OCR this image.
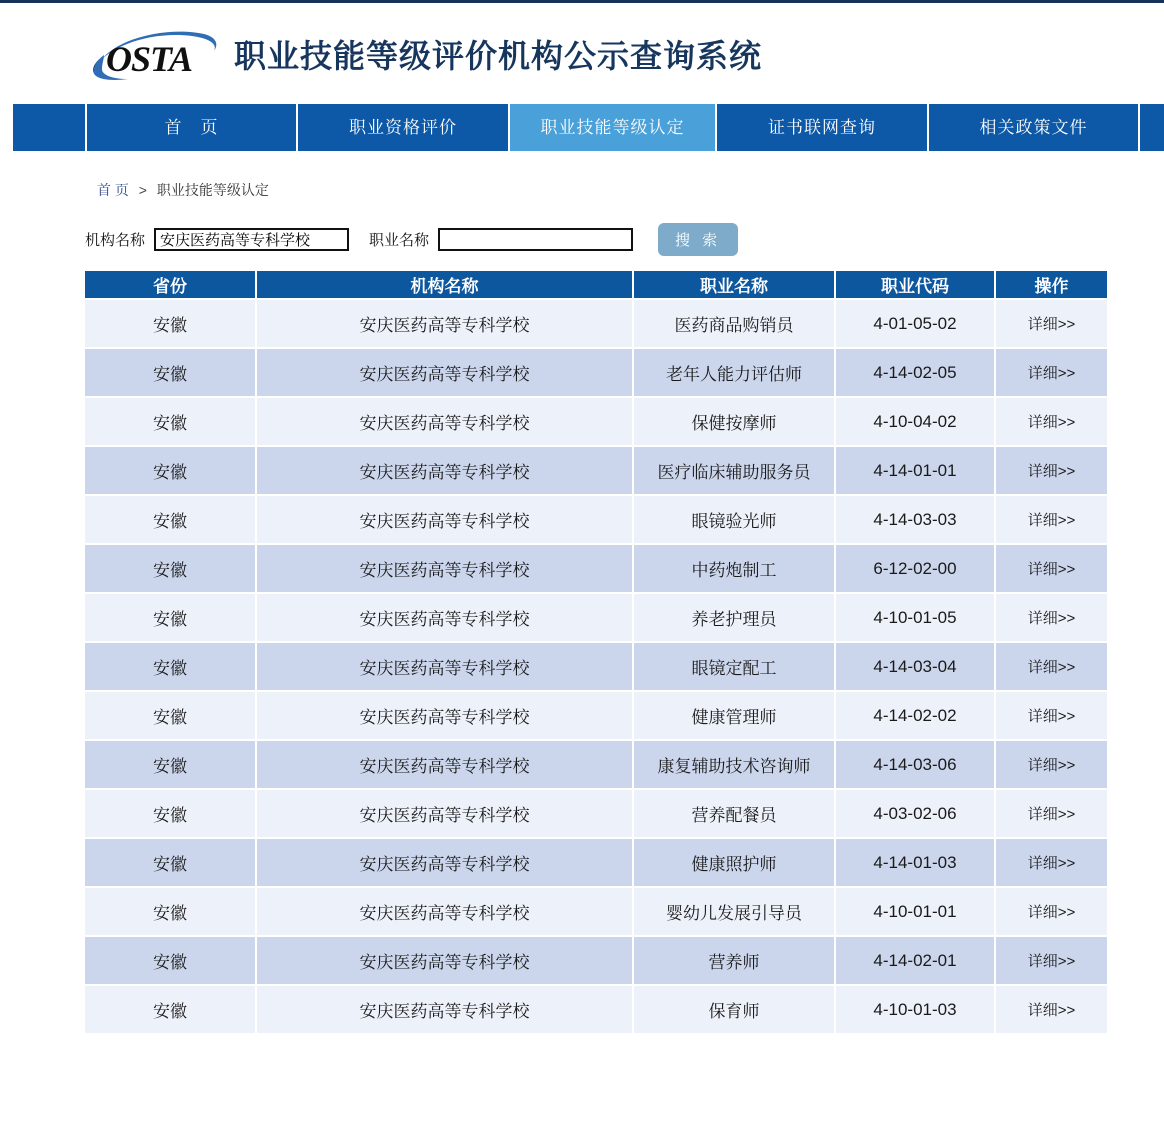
OSTA 职业技能等级评价机构公示查询系统
首　页	职业资格评价	职业技能等级认定	证书联网查询	相关政策文件
首 页 > 职业技能等级认定
机构名称
安庆医药高等专科学校	职业名称	搜 索
省份	机构名称	职业名称	职业代码	操作
安徽	安庆医药高等专科学校	医药商品购销员	4-01-05-02	详细>>
安徽	安庆医药高等专科学校	老年人能力评估师	4-14-02-05	详细>>
安徽	安庆医药高等专科学校	保健按摩师	4-10-04-02	详细>>
安徽	安庆医药高等专科学校	医疗临床辅助服务员	4-14-01-01	详细>>
安徽	安庆医药高等专科学校	眼镜验光师	4-14-03-03	详细>>
安徽	安庆医药高等专科学校	中药炮制工	6-12-02-00	详细>>
安徽	安庆医药高等专科学校	养老护理员	4-10-01-05	详细>>
安徽	安庆医药高等专科学校	眼镜定配工	4-14-03-04	详细>>
安徽	安庆医药高等专科学校	健康管理师	4-14-02-02	详细>>
安徽	安庆医药高等专科学校	康复辅助技术咨询师	4-14-03-06	详细>>
安徽	安庆医药高等专科学校	营养配餐员	4-03-02-06	详细>>
安徽	安庆医药高等专科学校	健康照护师	4-14-01-03	详细>>
安徽	安庆医药高等专科学校	婴幼儿发展引导员	4-10-01-01	详细>>
安徽	安庆医药高等专科学校	营养师	4-14-02-01	详细>>
安徽	安庆医药高等专科学校	保育师	4-10-01-03	详细>>
